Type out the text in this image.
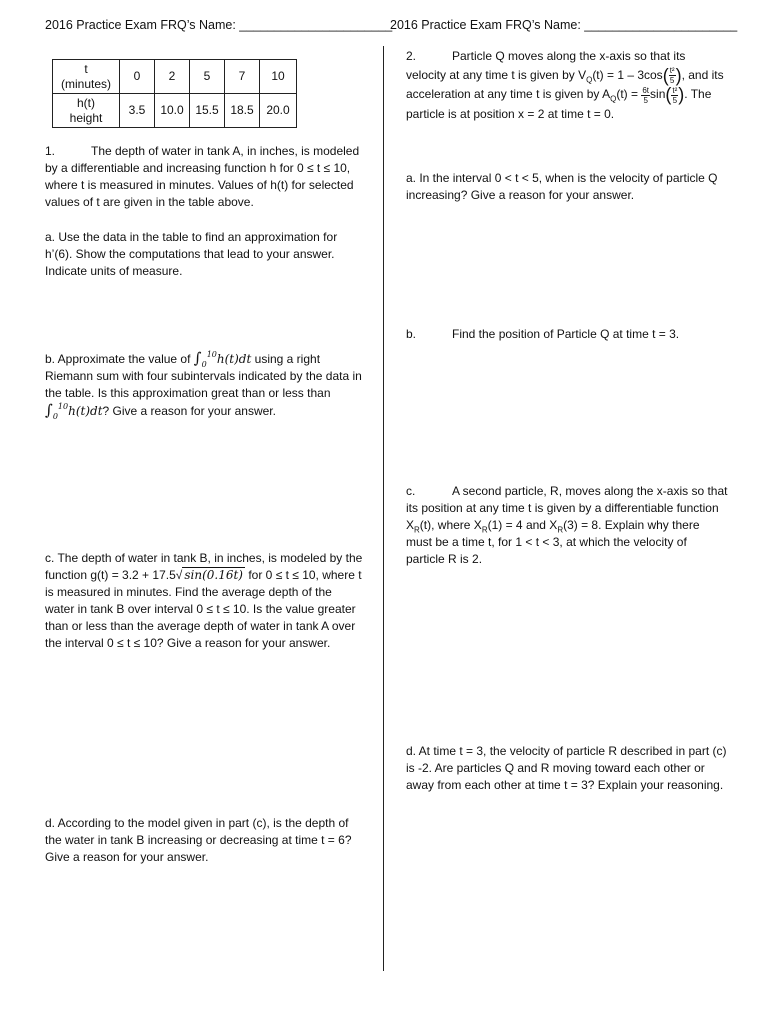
2016 Practice Exam FRQ’s Name: ______________________
2016 Practice Exam FRQ’s Name: ______________________
t
(minutes)	0	2	5	7	10

h(t)
height	3.5	10.0	15.5	18.5	20.0
1.	The depth of water in tank A, in inches, is modeled by a differentiable and increasing function h for 0 ≤ t ≤ 10, where t is measured in minutes. Values of h(t) for selected values of t are given in the table above.
a. Use the data in the table to find an approximation for h’(6). Show the computations that lead to your answer. Indicate units of measure.
b. Approximate the value of $\int_0^{10}h(t)dt$ using a right Riemann sum with four subintervals indicated by the data in the table. Is this approximation great than or less than $\int_0^{10}h(t)dt$? Give a reason for your answer.
c. The depth of water in tank B, in inches, is modeled by the function g(t) = 3.2 + 17.5√ sin(0.16t) for 0 ≤ t ≤ 10, where t is measured in minutes. Find the average depth of the water in tank B over interval 0 ≤ t ≤ 10. Is the value greater than or less than the average depth of water in tank A over the interval 0 ≤ t ≤ 10? Give a reason for your answer.
d. According to the model given in part (c), is the depth of the water in tank B increasing or decreasing at time t = 6? Give a reason for your answer.
2.	Particle Q moves along the x-axis so that its velocity at any time t is given by $V_Q(t) = 1 - 3\cos( \frac{\text{t²}}{5}$ ), and its acceleration at any time t is given by $A_Q(t) = \frac{6t}{5} \sin( \frac{\text{t²}}{5}$ ). The particle is at position x = 2 at time t = 0.
a. In the interval 0 < t < 5, when is the velocity of particle Q increasing? Give a reason for your answer.
b.	Find the position of Particle Q at time t = 3.
c.	A second particle, R, moves along the x-axis so that its position at any time t is given by a differentiable function $X_R(t)$, where $X_R(1) = 4$ and $X_R(3) = 8$. Explain why there must be a time t, for 1 < t < 3, at which the velocity of particle R is 2.
d. At time t = 3, the velocity of particle R described in part (c) is -2. Are particles Q and R moving toward each other or away from each other at time t = 3? Explain your reasoning.
